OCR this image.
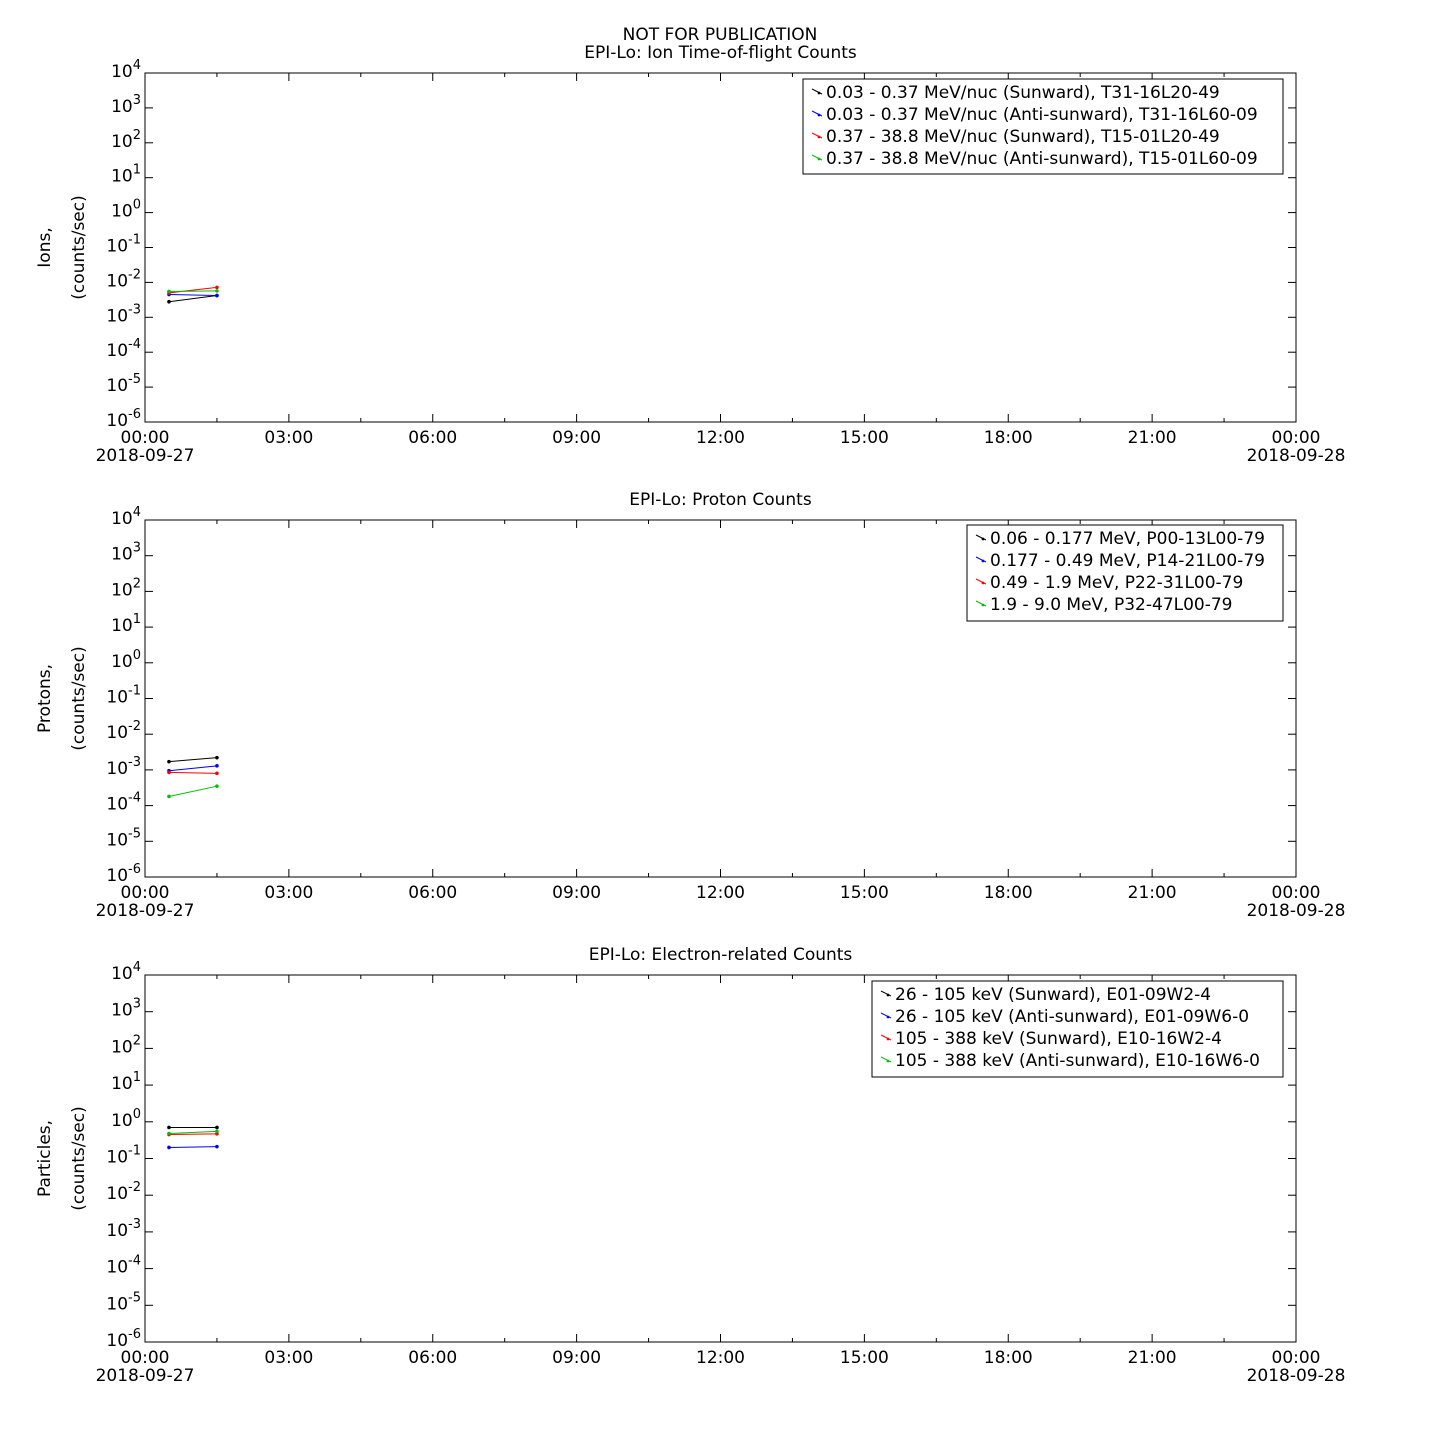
NOT FOR PUBLICATION
EPI-Lo: Ion Time-of-flight Counts
Ions, (counts/sec)
$10^{-6}$
$10^{-5}$
$10^{-4}$
$10^{-3}$
$10^{-2}$
$10^{-1}$
$10^0$
$10^1$
$10^2$
$10^3$
$10^4$
00:00	03:00	06:00	09:00	12:00	15:00	18:00	21:00	00:00
2018-09-27	2018-09-28
0.03 - 0.37 MeV/nuc (Sunward), T31-16L20-49
0.03 - 0.37 MeV/nuc (Anti-sunward), T31-16L60-09
0.37 - 38.8 MeV/nuc (Sunward), T15-01L20-49
0.37 - 38.8 MeV/nuc (Anti-sunward), T15-01L60-09
EPI-Lo: Proton Counts
Protons, (counts/sec)
$10^{-6}$
$10^{-5}$
$10^{-4}$
$10^{-3}$
$10^{-2}$
$10^{-1}$
$10^0$
$10^1$
$10^2$
$10^3$
$10^4$
00:00	03:00	06:00	09:00	12:00	15:00	18:00	21:00	00:00
2018-09-27	2018-09-28
0.06 - 0.177 MeV, P00-13L00-79
0.177 - 0.49 MeV, P14-21L00-79
0.49 - 1.9 MeV, P22-31L00-79
1.9 - 9.0 MeV, P32-47L00-79
EPI-Lo: Electron-related Counts
Particles, (counts/sec)
$10^{-6}$
$10^{-5}$
$10^{-4}$
$10^{-3}$
$10^{-2}$
$10^{-1}$
$10^0$
$10^1$
$10^2$
$10^3$
$10^4$
00:00	03:00	06:00	09:00	12:00	15:00	18:00	21:00	00:00
2018-09-27	2018-09-28
26 - 105 keV (Sunward), E01-09W2-4
26 - 105 keV (Anti-sunward), E01-09W6-0
105 - 388 keV (Sunward), E10-16W2-4
105 - 388 keV (Anti-sunward), E10-16W6-0
